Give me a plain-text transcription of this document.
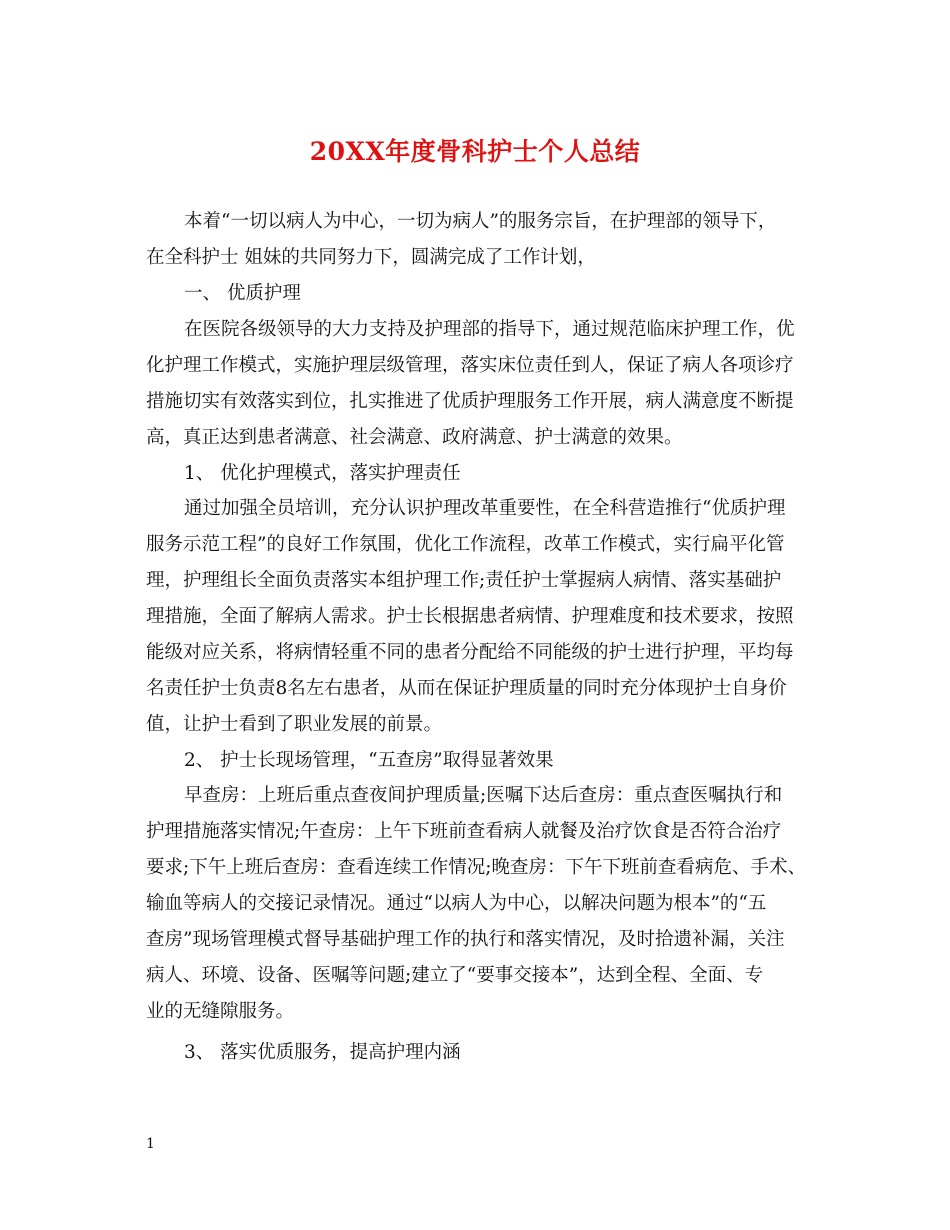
20XX年度骨科护士个人总结
本着“一切以病人为中心，一切为病人”的服务宗旨，在护理部的领导下，
在全科护士 姐妹的共同努力下，圆满完成了工作计划，
一、 优质护理
在医院各级领导的大力支持及护理部的指导下，通过规范临床护理工作，优
化护理工作模式，实施护理层级管理，落实床位责任到人，保证了病人各项诊疗
措施切实有效落实到位，扎实推进了优质护理服务工作开展，病人满意度不断提
高，真正达到患者满意、社会满意、政府满意、护士满意的效果。
1、 优化护理模式，落实护理责任
通过加强全员培训，充分认识护理改革重要性，在全科营造推行“优质护理
服务示范工程”的良好工作氛围，优化工作流程，改革工作模式，实行扁平化管
理，护理组长全面负责落实本组护理工作;责任护士掌握病人病情、落实基础护
理措施，全面了解病人需求。护士长根据患者病情、护理难度和技术要求，按照
能级对应关系，将病情轻重不同的患者分配给不同能级的护士进行护理，平均每
名责任护士负责8名左右患者，从而在保证护理质量的同时充分体现护士自身价
值，让护士看到了职业发展的前景。
2、 护士长现场管理，“五查房”取得显著效果
早查房：上班后重点查夜间护理质量;医嘱下达后查房：重点查医嘱执行和
护理措施落实情况;午查房：上午下班前查看病人就餐及治疗饮食是否符合治疗
要求;下午上班后查房：查看连续工作情况;晚查房：下午下班前查看病危、手术、
输血等病人的交接记录情况。通过“以病人为中心，以解决问题为根本”的“五
查房”现场管理模式督导基础护理工作的执行和落实情况，及时拾遗补漏，关注
病人、环境、设备、医嘱等问题;建立了“要事交接本”，达到全程、全面、专
业的无缝隙服务。
3、 落实优质服务，提高护理内涵
1
